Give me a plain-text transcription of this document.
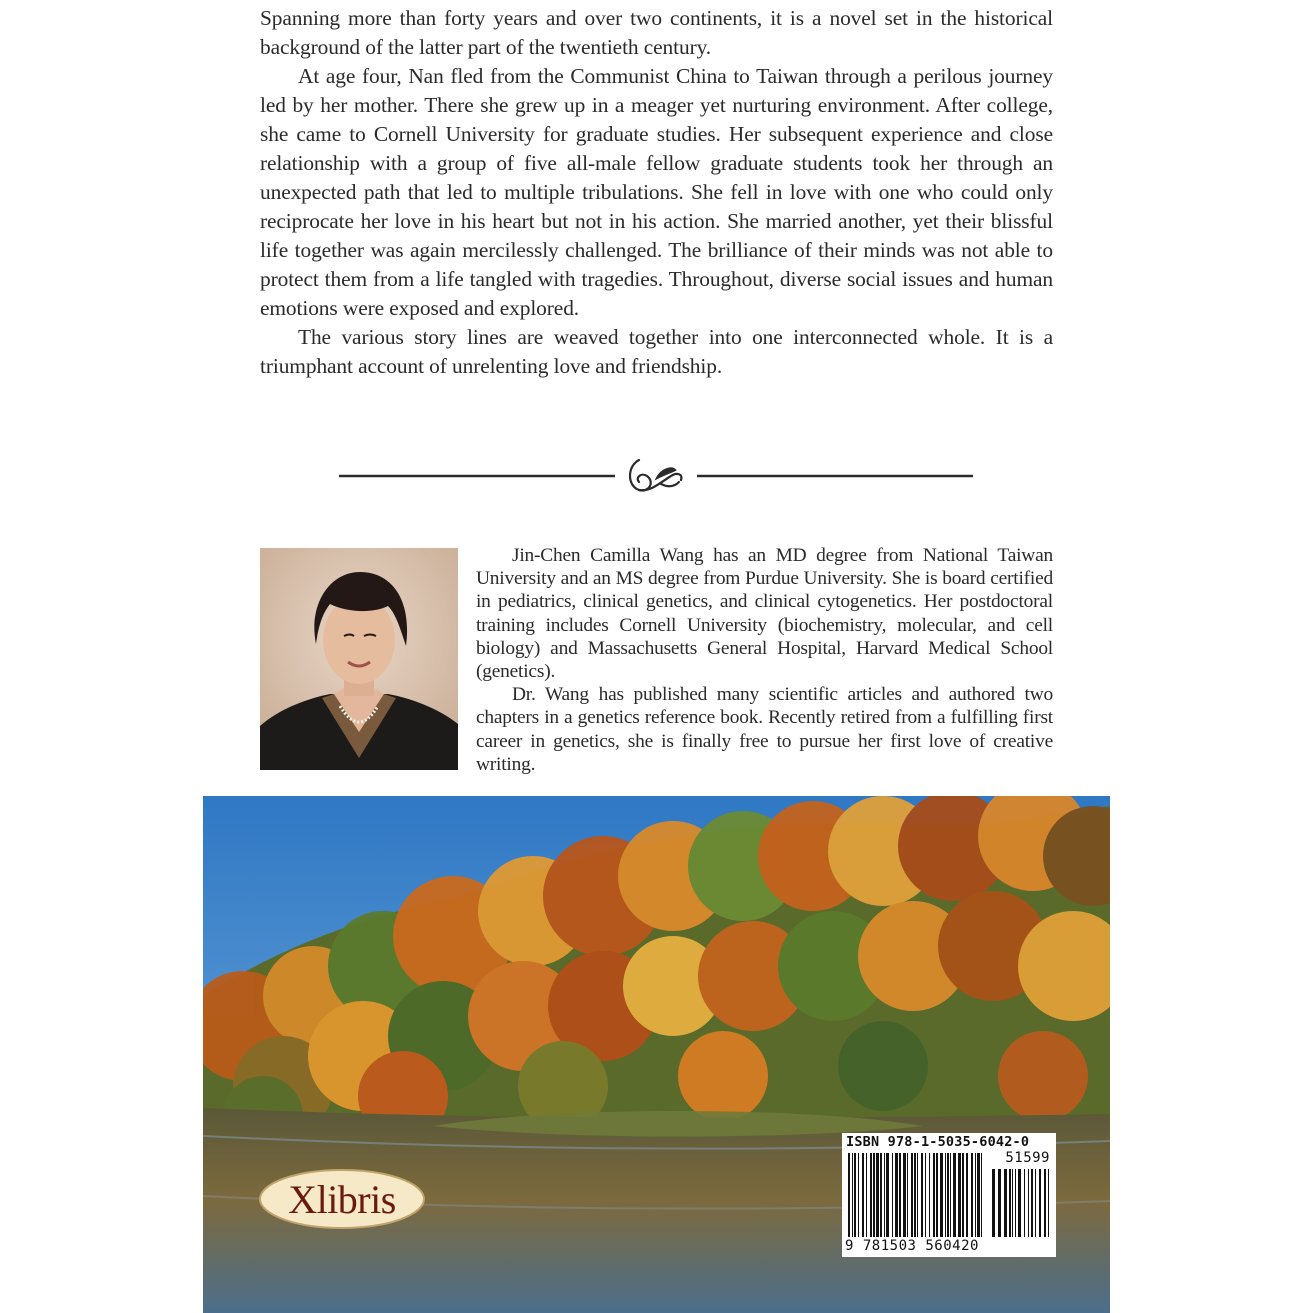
Spanning more than forty years and over two continents, it is a novel set in the historical background of the latter part of the twentieth century.

At age four, Nan fled from the Communist China to Taiwan through a perilous journey led by her mother. There she grew up in a meager yet nurturing environment. After college, she came to Cornell University for graduate studies. Her subsequent experience and close relationship with a group of five all-male fellow graduate students took her through an unexpected path that led to multiple tribulations. She fell in love with one who could only reciprocate her love in his heart but not in his action. She married another, yet their blissful life together was again mercilessly challenged. The brilliance of their minds was not able to protect them from a life tangled with tragedies. Throughout, diverse social issues and human emotions were exposed and explored.

The various story lines are weaved together into one interconnected whole. It is a triumphant account of unrelenting love and friendship.

Jin-Chen Camilla Wang has an MD degree from National Taiwan University and an MS degree from Purdue University. She is board certified in pediatrics, clinical genetics, and clinical cytogenetics. Her postdoctoral training includes Cornell University (biochemistry, molecular, and cell biology) and Massachusetts General Hospital, Harvard Medical School (genetics).

Dr. Wang has published many scientific articles and authored two chapters in a genetics reference book. Recently retired from a fulfilling first career in genetics, she is finally free to pursue her first love of creative writing.

Xlibris
ISBN 978-1-5035-6042-0
51599
9 781503 560420
